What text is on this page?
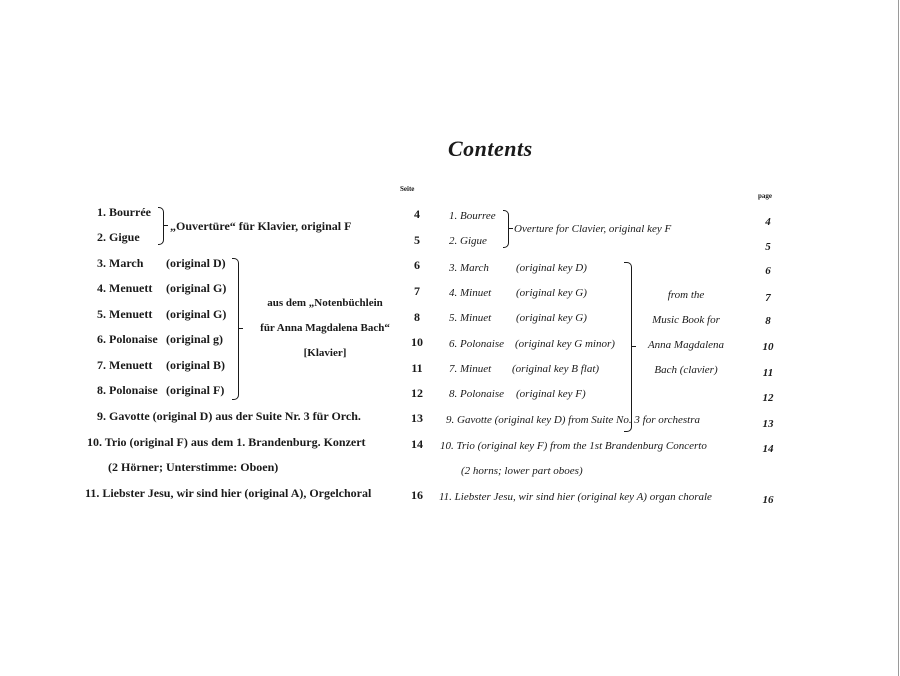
Contents
Seite
1. Bourrée	4
2. Gigue	5
„Ouvertüre“ für Klavier, original F
3. March (original D)	6
4. Menuett (original G)	7
5. Menuett (original G)	8
6. Polonaise (original g)	10
7. Menuett (original B)	11
8. Polonaise (original F)	12
aus dem „Notenbüchlein
für Anna Magdalena Bach“
[Klavier]
9. Gavotte (original D) aus der Suite Nr. 3 für Orch.	13
10. Trio (original F) aus dem 1. Brandenburg. Konzert	14
(2 Hörner; Unterstimme: Oboen)
11. Liebster Jesu, wir sind hier (original A), Orgelchoral	16
page
1. Bourree	4
2. Gigue	5
Overture for Clavier, original key F
3. March (original key D)	6
4. Minuet (original key G)	7
5. Minuet (original key G)	8
6. Polonaise (original key G minor)	10
7. Minuet (original key B flat)	11
8. Polonaise (original key F)	12
from the
Music Book for
Anna Magdalena
Bach (clavier)
9. Gavotte (original key D) from Suite No. 3 for orchestra	13
10. Trio (original key F) from the 1st Brandenburg Concerto	14
(2 horns; lower part oboes)
11. Liebster Jesu, wir sind hier (original key A) organ chorale	16
